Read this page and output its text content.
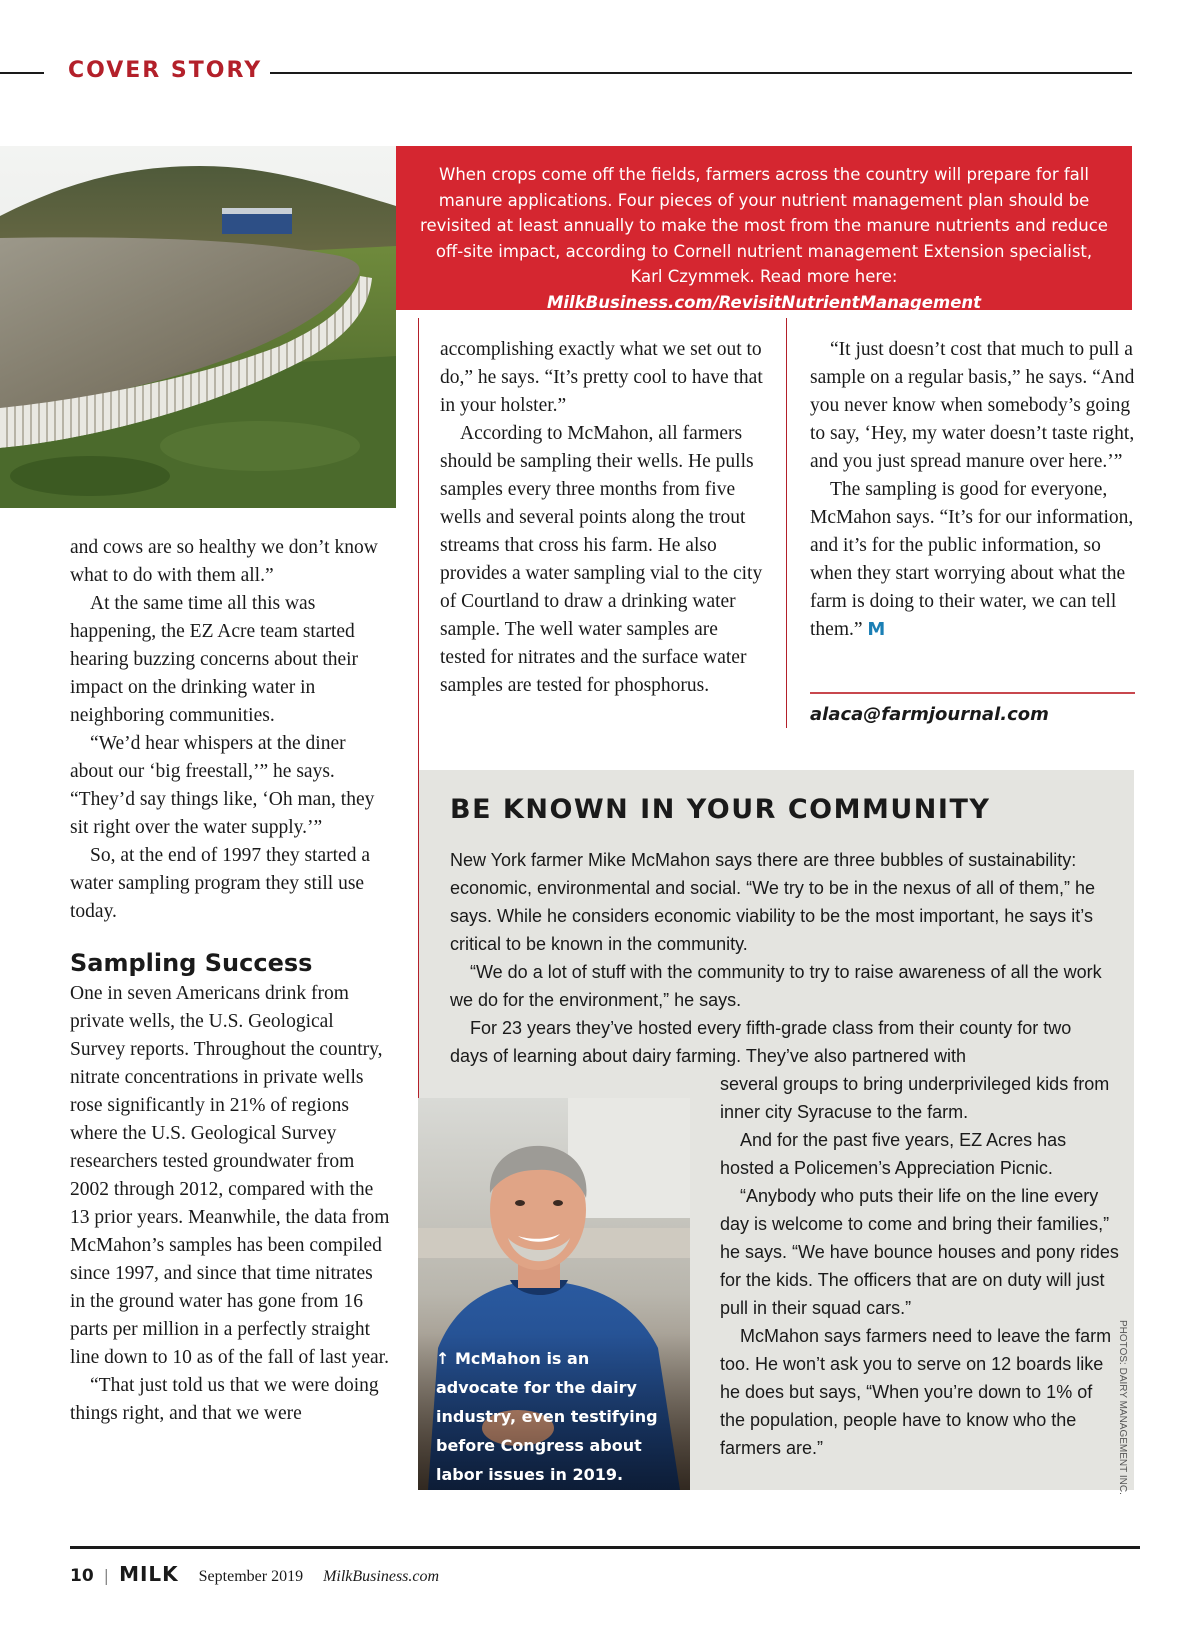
COVER STORY
When crops come off the fields, farmers across the country will prepare for fall manure applications. Four pieces of your nutrient management plan should be revisited at least annually to make the most from the manure nutrients and reduce off-site impact, according to Cornell nutrient management Extension specialist, Karl Czymmek. Read more here: MilkBusiness.com/RevisitNutrientManagement

and cows are so healthy we don’t know what to do with them all.”

At the same time all this was happening, the EZ Acre team started hearing buzzing concerns about their impact on the drinking water in neighboring communities.

“We’d hear whispers at the diner about our ‘big freestall,’” he says. “They’d say things like, ‘Oh man, they sit right over the water supply.’”

So, at the end of 1997 they started a water sampling program they still use today.

Sampling Success

One in seven Americans drink from private wells, the U.S. Geological Survey reports. Throughout the country, nitrate concentrations in private wells rose significantly in 21% of regions where the U.S. Geological Survey researchers tested groundwater from 2002 through 2012, compared with the 13 prior years. Meanwhile, the data from McMahon’s samples has been compiled since 1997, and since that time nitrates in the ground water has gone from 16 parts per million in a perfectly straight line down to 10 as of the fall of last year.

“That just told us that we were doing things right, and that we were

accomplishing exactly what we set out to do,” he says. “It’s pretty cool to have that in your holster.”

According to McMahon, all farmers should be sampling their wells. He pulls samples every three months from five wells and several points along the trout streams that cross his farm. He also provides a water sampling vial to the city of Courtland to draw a drinking water sample. The well water samples are tested for nitrates and the surface water samples are tested for phosphorus.

“It just doesn’t cost that much to pull a sample on a regular basis,” he says. “And you never know when somebody’s going to say, ‘Hey, my water doesn’t taste right, and you just spread manure over here.’”

The sampling is good for everyone, McMahon says. “It’s for our information, and it’s for the public information, so when they start worrying about what the farm is doing to their water, we can tell them.” M

alaca@farmjournal.com
BE KNOWN IN YOUR COMMUNITY

New York farmer Mike McMahon says there are three bubbles of sustainability: economic, environmental and social. “We try to be in the nexus of all of them,” he says. While he considers economic viability to be the most important, he says it’s critical to be known in the community.

“We do a lot of stuff with the community to try to raise awareness of all the work we do for the environment,” he says.

For 23 years they’ve hosted every fifth-grade class from their county for two days of learning about dairy farming. They’ve also partnered with

several groups to bring underprivileged kids from inner city Syracuse to the farm.

And for the past five years, EZ Acres has hosted a Policemen’s Appreciation Picnic.

“Anybody who puts their life on the line every day is welcome to come and bring their families,” he says. “We have bounce houses and pony rides for the kids. The officers that are on duty will just pull in their squad cars.”

McMahon says farmers need to leave the farm too. He won’t ask you to serve on 12 boards like he does but says, “When you’re down to 1% of the population, people have to know who the farmers are.”

↑ McMahon is an advocate for the dairy industry, even testifying before Congress about labor issues in 2019.	PHOTOS: DAIRY MANAGEMENT INC.
10 | MILK September 2019 MilkBusiness.com
